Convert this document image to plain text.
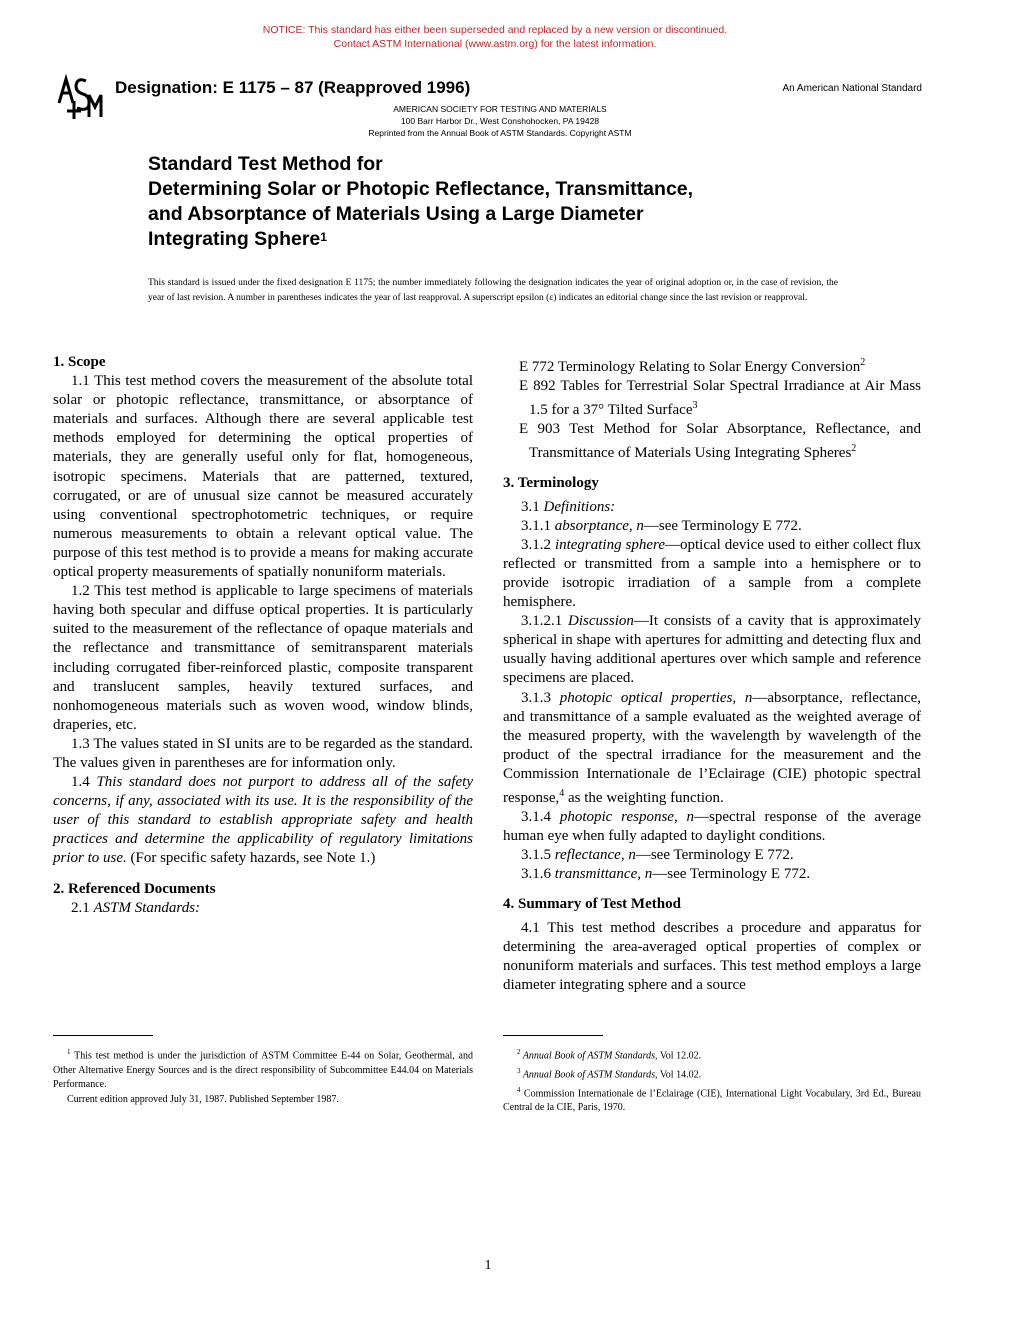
NOTICE: This standard has either been superseded and replaced by a new version or discontinued.
Contact ASTM International (www.astm.org) for the latest information.
Designation: E 1175 – 87 (Reapproved 1996)	An American National Standard
AMERICAN SOCIETY FOR TESTING AND MATERIALS
100 Barr Harbor Dr., West Conshohocken, PA 19428
Reprinted from the Annual Book of ASTM Standards. Copyright ASTM
Standard Test Method for
Determining Solar or Photopic Reflectance, Transmittance,
and Absorptance of Materials Using a Large Diameter
Integrating Sphere$^1$
This standard is issued under the fixed designation E 1175; the number immediately following the designation indicates the year of original adoption or, in the case of revision, the year of last revision. A number in parentheses indicates the year of last reapproval. A superscript epsilon (ε) indicates an editorial change since the last revision or reapproval.
1. Scope

1.1 This test method covers the measurement of the absolute total solar or photopic reflectance, transmittance, or absorptance of materials and surfaces. Although there are several applicable test methods employed for determining the optical properties of materials, they are generally useful only for flat, homogeneous, isotropic specimens. Materials that are patterned, textured, corrugated, or are of unusual size cannot be measured accurately using conventional spectrophotometric techniques, or require numerous measurements to obtain a relevant optical value. The purpose of this test method is to provide a means for making accurate optical property measurements of spatially nonuniform materials.

1.2 This test method is applicable to large specimens of materials having both specular and diffuse optical properties. It is particularly suited to the measurement of the reflectance of opaque materials and the reflectance and transmittance of semitransparent materials including corrugated fiber-reinforced plastic, composite transparent and translucent samples, heavily textured surfaces, and nonhomogeneous materials such as woven wood, window blinds, draperies, etc.

1.3 The values stated in SI units are to be regarded as the standard. The values given in parentheses are for information only.

1.4 This standard does not purport to address all of the safety concerns, if any, associated with its use. It is the responsibility of the user of this standard to establish appropriate safety and health practices and determine the applicability of regulatory limitations prior to use. (For specific safety hazards, see Note 1.)

2. Referenced Documents

2.1 ASTM Standards:

E 772 Terminology Relating to Solar Energy Conversion$^2$

E 892 Tables for Terrestrial Solar Spectral Irradiance at Air Mass 1.5 for a 37° Tilted Surface$^3$

E 903 Test Method for Solar Absorptance, Reflectance, and Transmittance of Materials Using Integrating Spheres$^2$

3. Terminology

3.1 Definitions:

3.1.1 absorptance, n—see Terminology E 772.

3.1.2 integrating sphere—optical device used to either collect flux reflected or transmitted from a sample into a hemisphere or to provide isotropic irradiation of a sample from a complete hemisphere.

3.1.2.1 Discussion—It consists of a cavity that is approximately spherical in shape with apertures for admitting and detecting flux and usually having additional apertures over which sample and reference specimens are placed.

3.1.3 photopic optical properties, n—absorptance, reflectance, and transmittance of a sample evaluated as the weighted average of the measured property, with the wavelength by wavelength of the product of the spectral irradiance for the measurement and the Commission Internationale de l’Eclairage (CIE) photopic spectral response,$^4$ as the weighting function.

3.1.4 photopic response, n—spectral response of the average human eye when fully adapted to daylight conditions.

3.1.5 reflectance, n—see Terminology E 772.

3.1.6 transmittance, n—see Terminology E 772.

4. Summary of Test Method

4.1 This test method describes a procedure and apparatus for determining the area-averaged optical properties of complex or nonuniform materials and surfaces. This test method employs a large diameter integrating sphere and a source

$^1$ This test method is under the jurisdiction of ASTM Committee E-44 on Solar, Geothermal, and Other Alternative Energy Sources and is the direct responsibility of Subcommittee E44.04 on Materials Performance.

Current edition approved July 31, 1987. Published September 1987.

$^2$ Annual Book of ASTM Standards, Vol 12.02.

$^3$ Annual Book of ASTM Standards, Vol 14.02.

$^4$ Commission Internationale de l’Eclairage (CIE), International Light Vocabulary, 3rd Ed., Bureau Central de la CIE, Paris, 1970.

1
